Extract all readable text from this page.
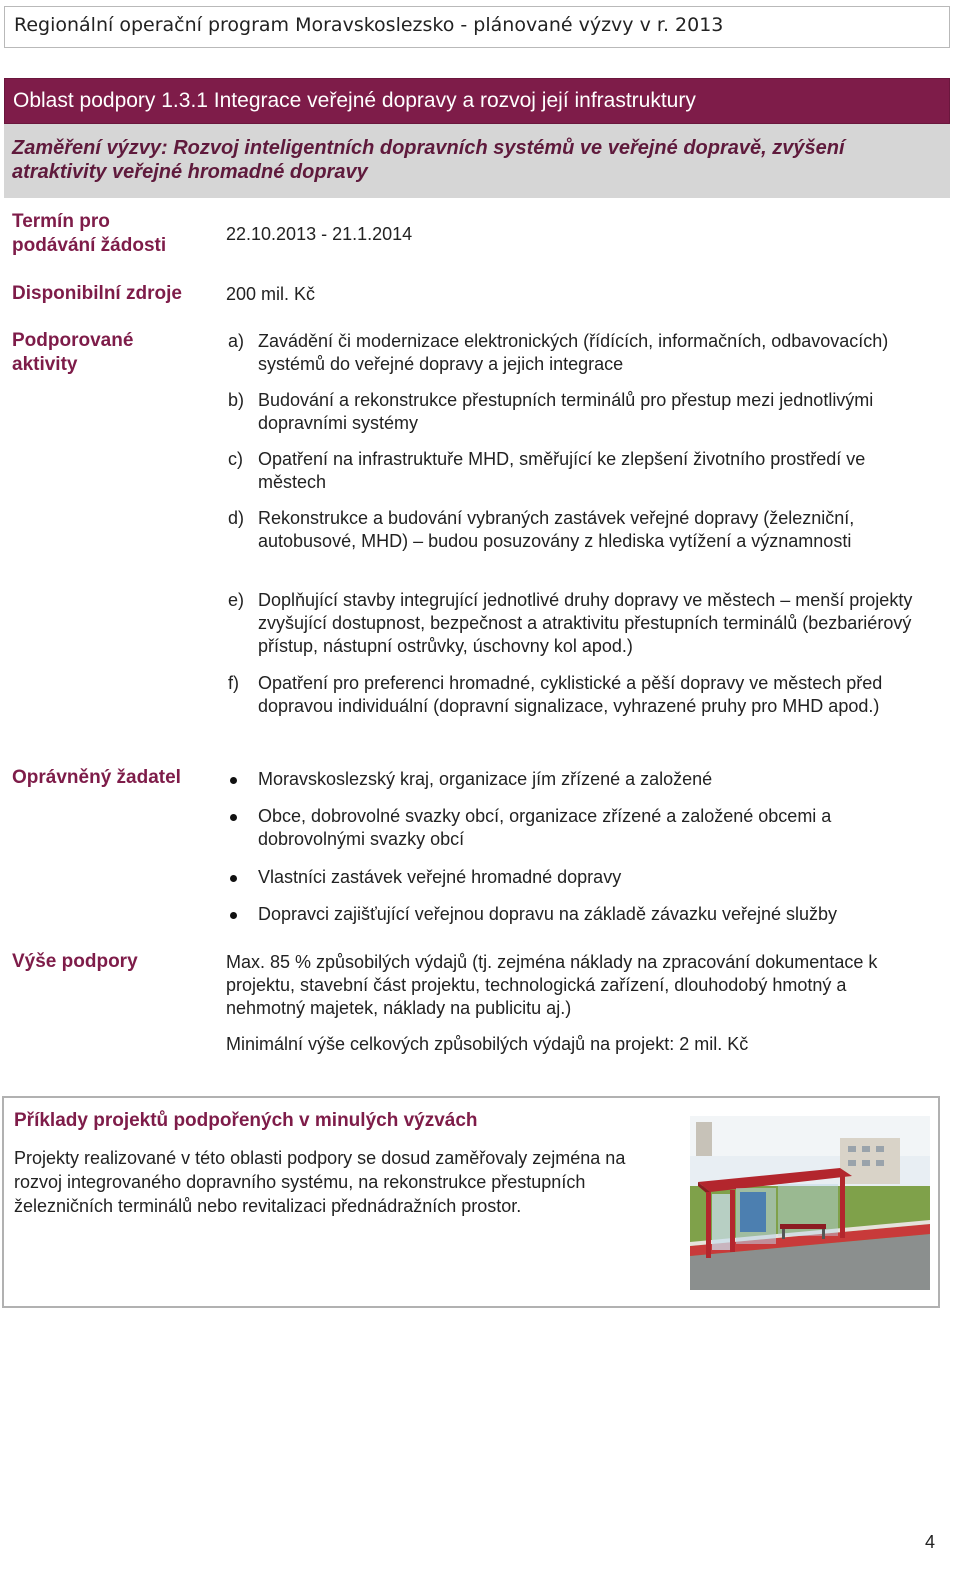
Regionální operační program Moravskoslezsko - plánované výzvy v r. 2013
Oblast podpory 1.3.1 Integrace veřejné dopravy a rozvoj její infrastruktury
Zaměření výzvy: Rozvoj inteligentních dopravních systémů ve veřejné dopravě, zvýšení atraktivity veřejné hromadné dopravy
Termín pro podávání žádosti
22.10.2013 - 21.1.2014
Disponibilní zdroje 200 mil. Kč
Podporované aktivity
a) Zavádění či modernizace elektronických (řídících, informačních, odbavovacích) systémů do veřejné dopravy a jejich integrace
b) Budování a rekonstrukce přestupních terminálů pro přestup mezi jednotlivými dopravními systémy
c) Opatření na infrastruktuře MHD, směřující ke zlepšení životního prostředí ve městech
d) Rekonstrukce a budování vybraných zastávek veřejné dopravy (železniční, autobusové, MHD) – budou posuzovány z hlediska vytížení a významnosti
e) Doplňující stavby integrující jednotlivé druhy dopravy ve městech – menší projekty zvyšující dostupnost, bezpečnost a atraktivitu přestupních terminálů (bezbariérový přístup, nástupní ostrůvky, úschovny kol apod.)
f) Opatření pro preferenci hromadné, cyklistické a pěší dopravy ve městech před dopravou individuální (dopravní signalizace, vyhrazené pruhy pro MHD apod.)
Oprávněný žadatel	Moravskoslezský kraj, organizace jím zřízené a založené
Obce, dobrovolné svazky obcí, organizace zřízené a založené obcemi a dobrovolnými svazky obcí
Vlastníci zastávek veřejné hromadné dopravy
Dopravci zajišťující veřejnou dopravu na základě závazku veřejné služby
Výše podpory	Max. 85 % způsobilých výdajů (tj. zejména náklady na zpracování dokumentace k projektu, stavební část projektu, technologická zařízení, dlouhodobý hmotný a nehmotný majetek, náklady na publicitu aj.)
Minimální výše celkových způsobilých výdajů na projekt: 2 mil. Kč
Příklady projektů podpořených v minulých výzvách
Projekty realizované v této oblasti podpory se dosud zaměřovaly zejména na rozvoj integrovaného dopravního systému, na rekonstrukce přestupních železničních terminálů nebo revitalizaci přednádražních prostor.
4
